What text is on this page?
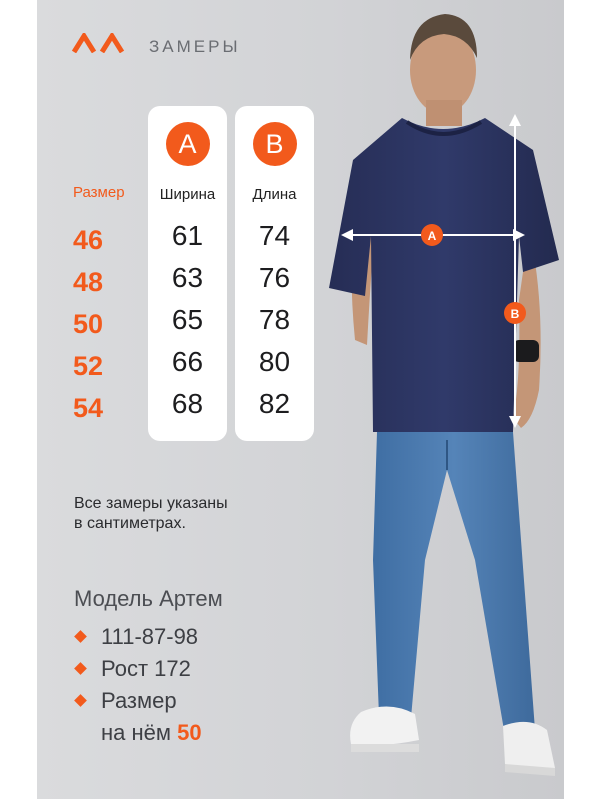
ЗАМЕРЫ
Размер
46
48
50
52
54
A
Ширина
61
63
65
66
68
B
Длина
74
76
78
80
82
Все замеры указаны
в сантиметрах.
Модель Артем
111-87-98
Рост 172
Размер
на нём 50
A
B
